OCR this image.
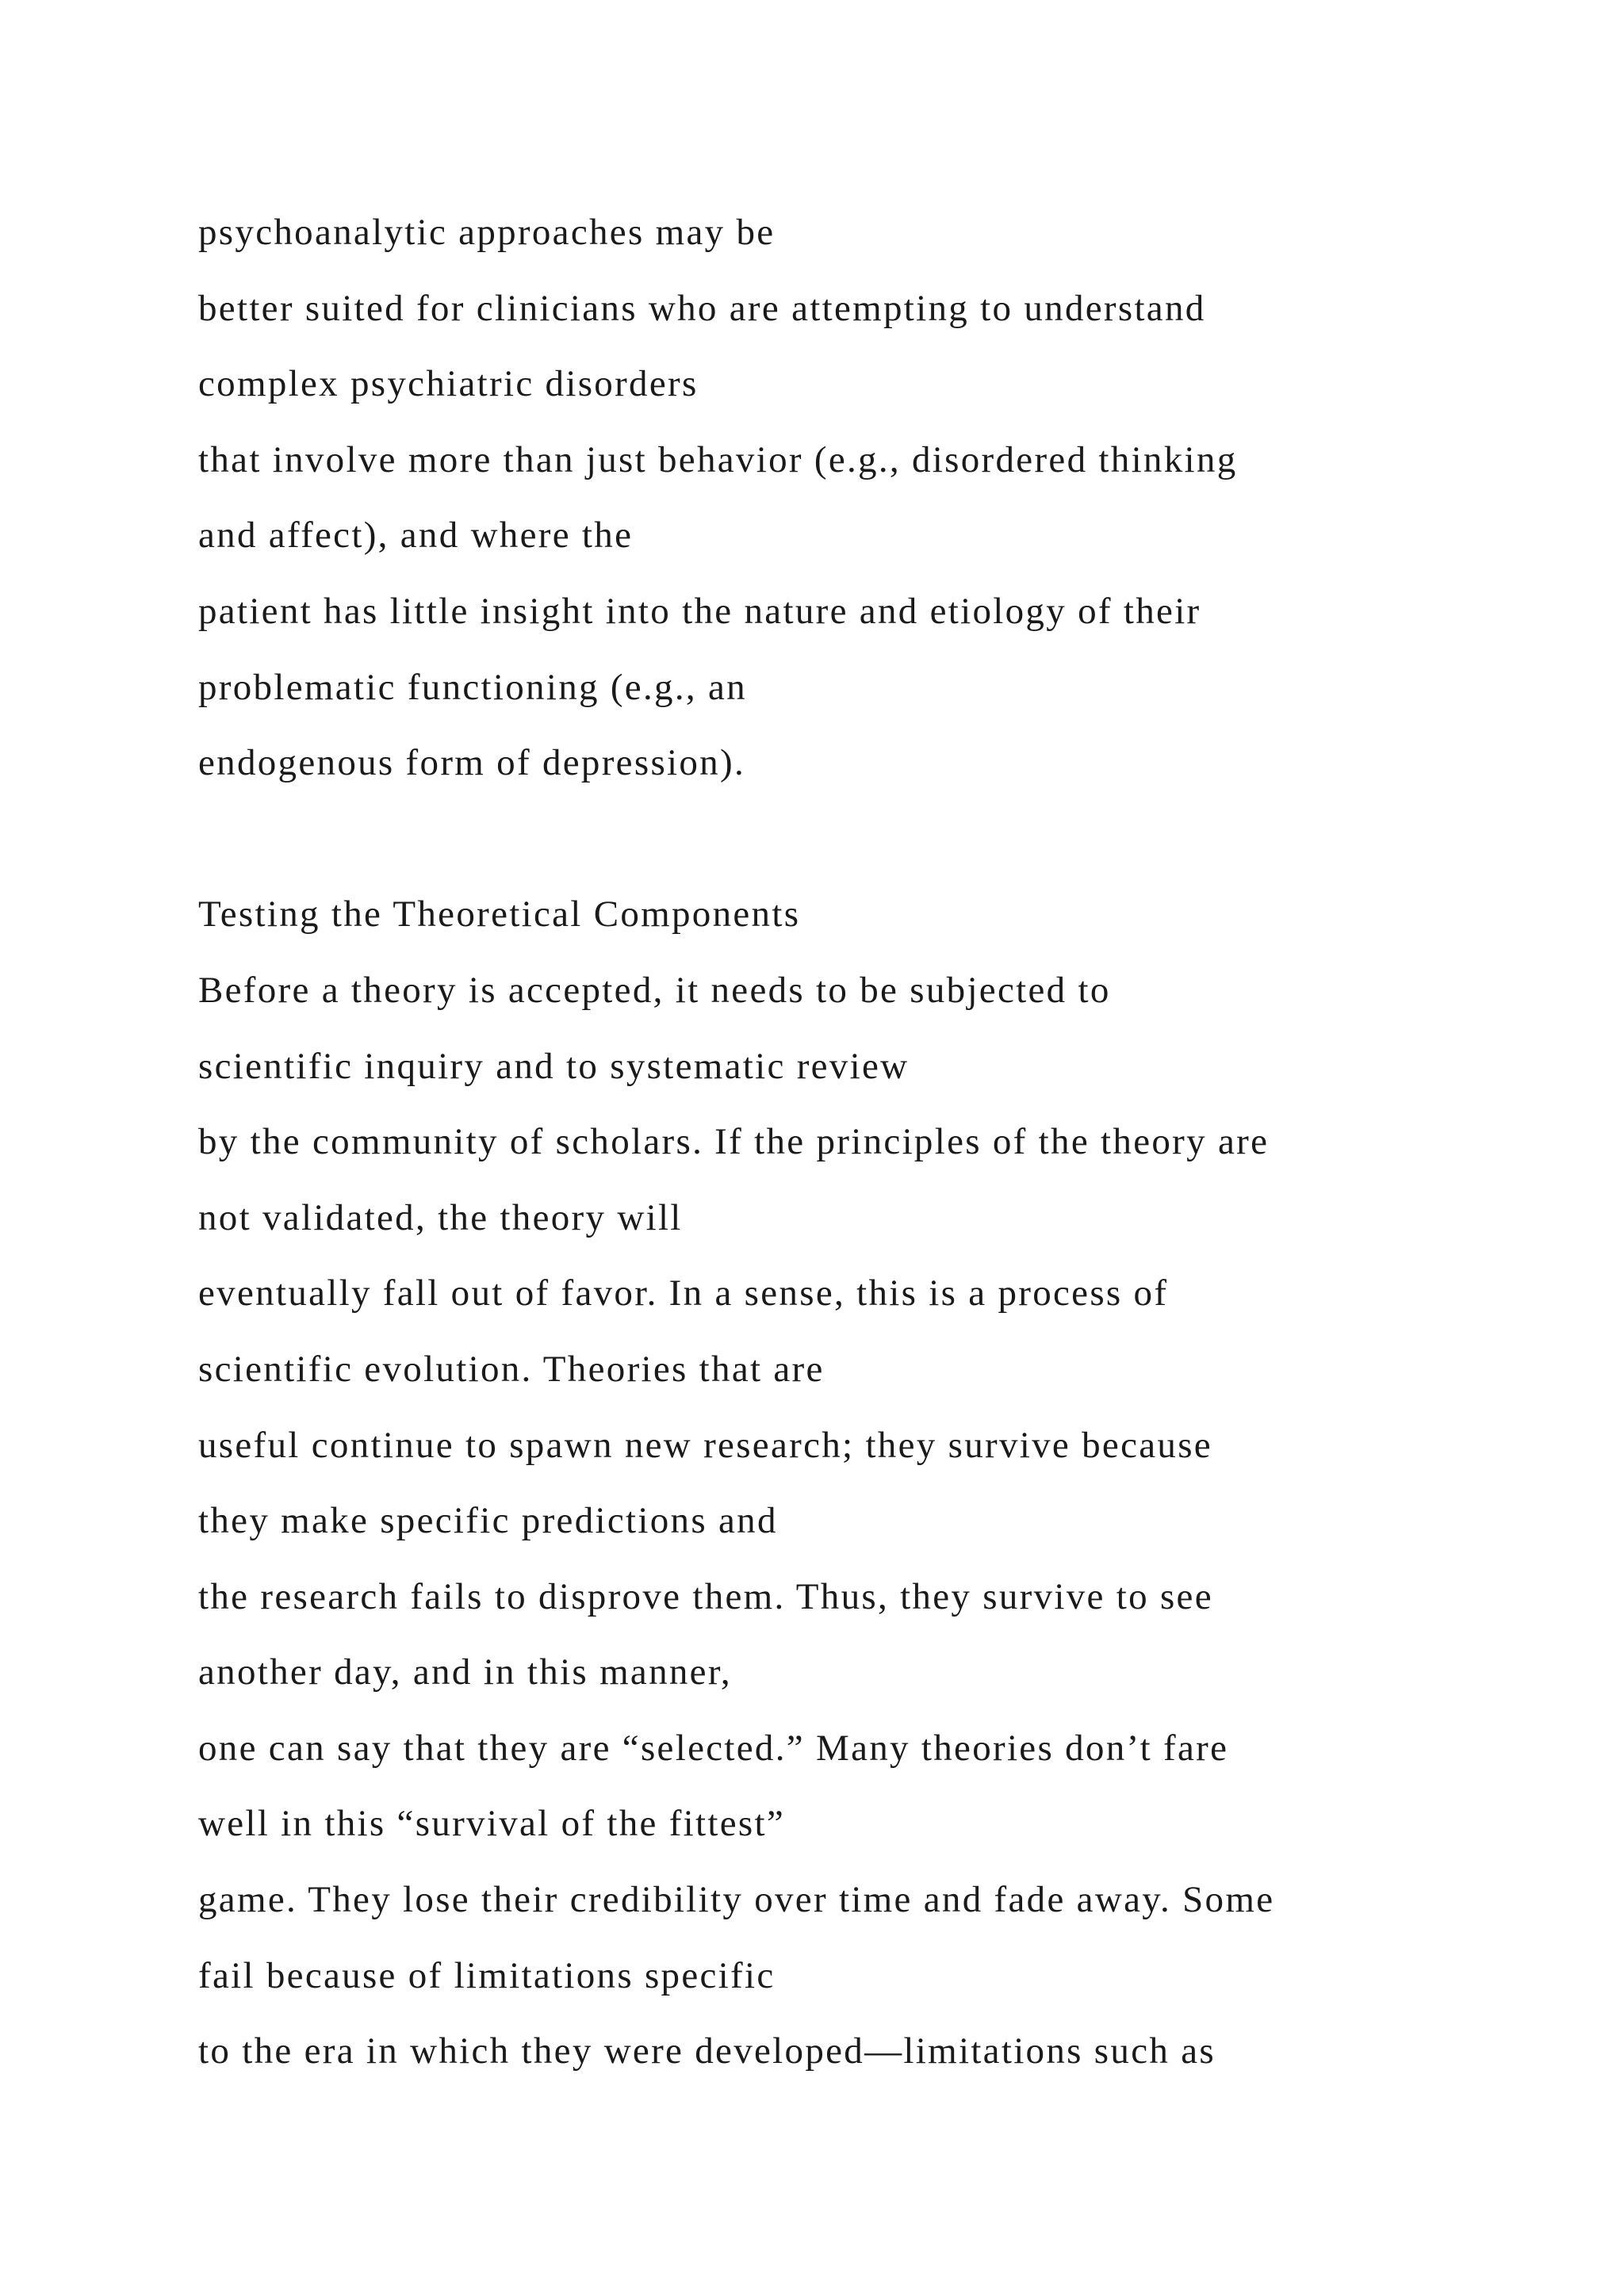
psychoanalytic approaches may be
better suited for clinicians who are attempting to understand
complex psychiatric disorders
that involve more than just behavior (e.g., disordered thinking
and affect), and where the
patient has little insight into the nature and etiology of their
problematic functioning (e.g., an
endogenous form of depression).
Testing the Theoretical Components
Before a theory is accepted, it needs to be subjected to
scientific inquiry and to systematic review
by the community of scholars. If the principles of the theory are
not validated, the theory will
eventually fall out of favor. In a sense, this is a process of
scientific evolution. Theories that are
useful continue to spawn new research; they survive because
they make specific predictions and
the research fails to disprove them. Thus, they survive to see
another day, and in this manner,
one can say that they are “selected.” Many theories don’t fare
well in this “survival of the fittest”
game. They lose their credibility over time and fade away. Some
fail because of limitations specific
to the era in which they were developed—limitations such as
